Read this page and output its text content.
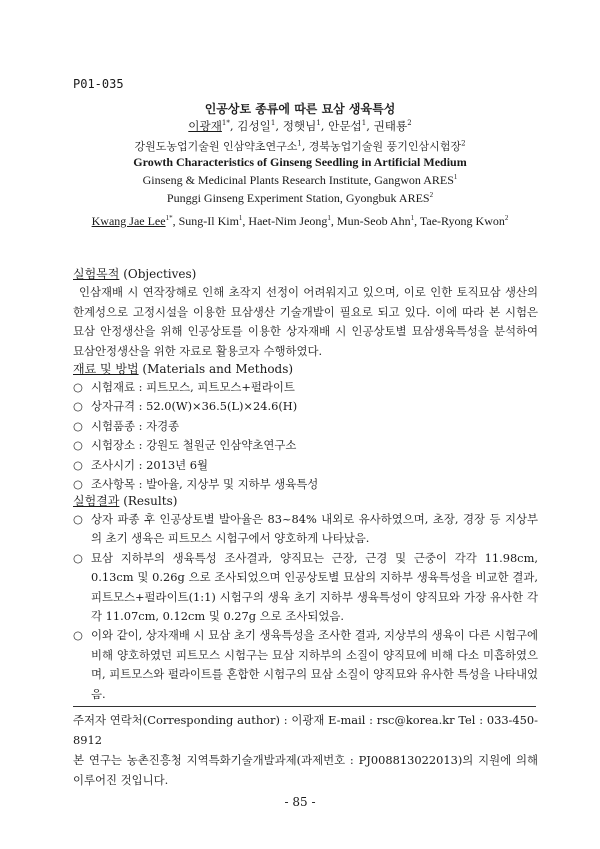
P01-035
인공상토 종류에 따른 묘삼 생육특성
이광재$^{1*}$, 김성일$^1$, 정햇님$^1$, 안문섭$^1$, 권태룡$^2$
강원도농업기술원 인삼약초연구소$^1$, 경북농업기술원 풍기인삼시험장$^2$
Growth Characteristics of Ginseng Seedling in Artificial Medium
Ginseng & Medicinal Plants Research Institute, Gangwon ARES$^1$
Punggi Ginseng Experiment Station, Gyongbuk ARES$^2$
Kwang Jae Lee$^{1*}$, Sung-Il Kim$^1$, Haet-Nim Jeong$^1$, Mun-Seob Ahn$^1$, Tae-Ryong Kwon$^2$
실험목적 (Objectives)
인삼재배 시 연작장해로 인해 초작지 선정이 어려워지고 있으며, 이로 인한 토직묘삼 생산의 한계성으로 고정시설을 이용한 묘삼생산 기술개발이 필요로 되고 있다. 이에 따라 본 시험은 묘삼 안정생산을 위해 인공상토를 이용한 상자재배 시 인공상토별 묘삼생육특성을 분석하여 묘삼안정생산을 위한 자료로 활용코자 수행하였다.
재료 및 방법 (Materials and Methods)
○ 시험재료 : 피트모스, 피트모스+펄라이트
○ 상자규격 : 52.0(W)×36.5(L)×24.6(H)
○ 시험품종 : 자경종
○ 시험장소 : 강원도 철원군 인삼약초연구소
○ 조사시기 : 2013년 6월
○ 조사항목 : 발아율, 지상부 및 지하부 생육특성
실험결과 (Results)
○ 상자 파종 후 인공상토별 발아율은 83~84% 내외로 유사하였으며, 초장, 경장 등 지상부의 초기 생육은 피트모스 시험구에서 양호하게 나타났음.
○ 묘삼 지하부의 생육특성 조사결과, 양직묘는 근장, 근경 및 근중이 각각 11.98cm, 0.13cm 및 0.26g 으로 조사되었으며 인공상토별 묘삼의 지하부 생육특성을 비교한 결과, 피트모스+펄라이트(1:1) 시험구의 생육 초기 지하부 생육특성이 양직묘와 가장 유사한 각각 11.07cm, 0.12cm 및 0.27g 으로 조사되었음.
○ 이와 같이, 상자재배 시 묘삼 초기 생육특성을 조사한 결과, 지상부의 생육이 다른 시험구에 비해 양호하였던 피트모스 시험구는 묘삼 지하부의 소질이 양직묘에 비해 다소 미흡하였으며, 피트모스와 펄라이트를 혼합한 시험구의 묘삼 소질이 양직묘와 유사한 특성을 나타내었음.
주저자 연락처(Corresponding author) : 이광재 E-mail : rsc@korea.kr Tel : 033-450-8912
본 연구는 농촌진흥청 지역특화기술개발과제(과제번호 : PJ008813022013)의 지원에 의해 이루어진 것입니다.
- 85 -
